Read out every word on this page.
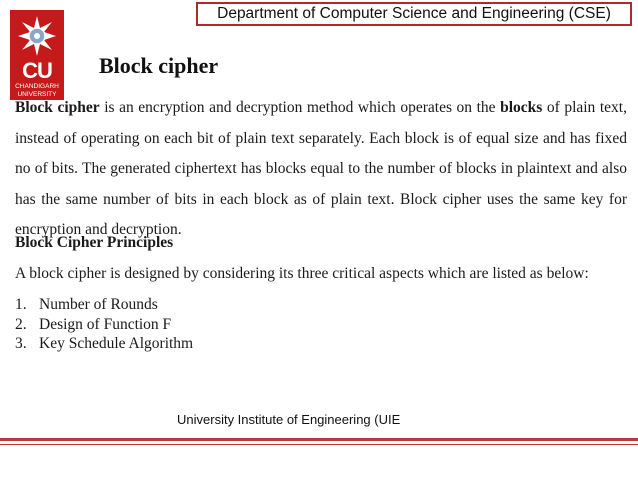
Department of Computer Science and Engineering (CSE)
CU
CHANDIGARH
UNIVERSITY
Block cipher

Block cipher is an encryption and decryption method which operates on the blocks of plain text, instead of operating on each bit of plain text separately. Each block is of equal size and has fixed no of bits. The generated ciphertext has blocks equal to the number of blocks in plaintext and also has the same number of bits in each block as of plain text. Block cipher uses the same key for encryption and decryption.

Block Cipher Principles
A block cipher is designed by considering its three critical aspects which are listed as below:
1. Number of Rounds
2. Design of Function F
3. Key Schedule Algorithm
University Institute of Engineering (UIE
